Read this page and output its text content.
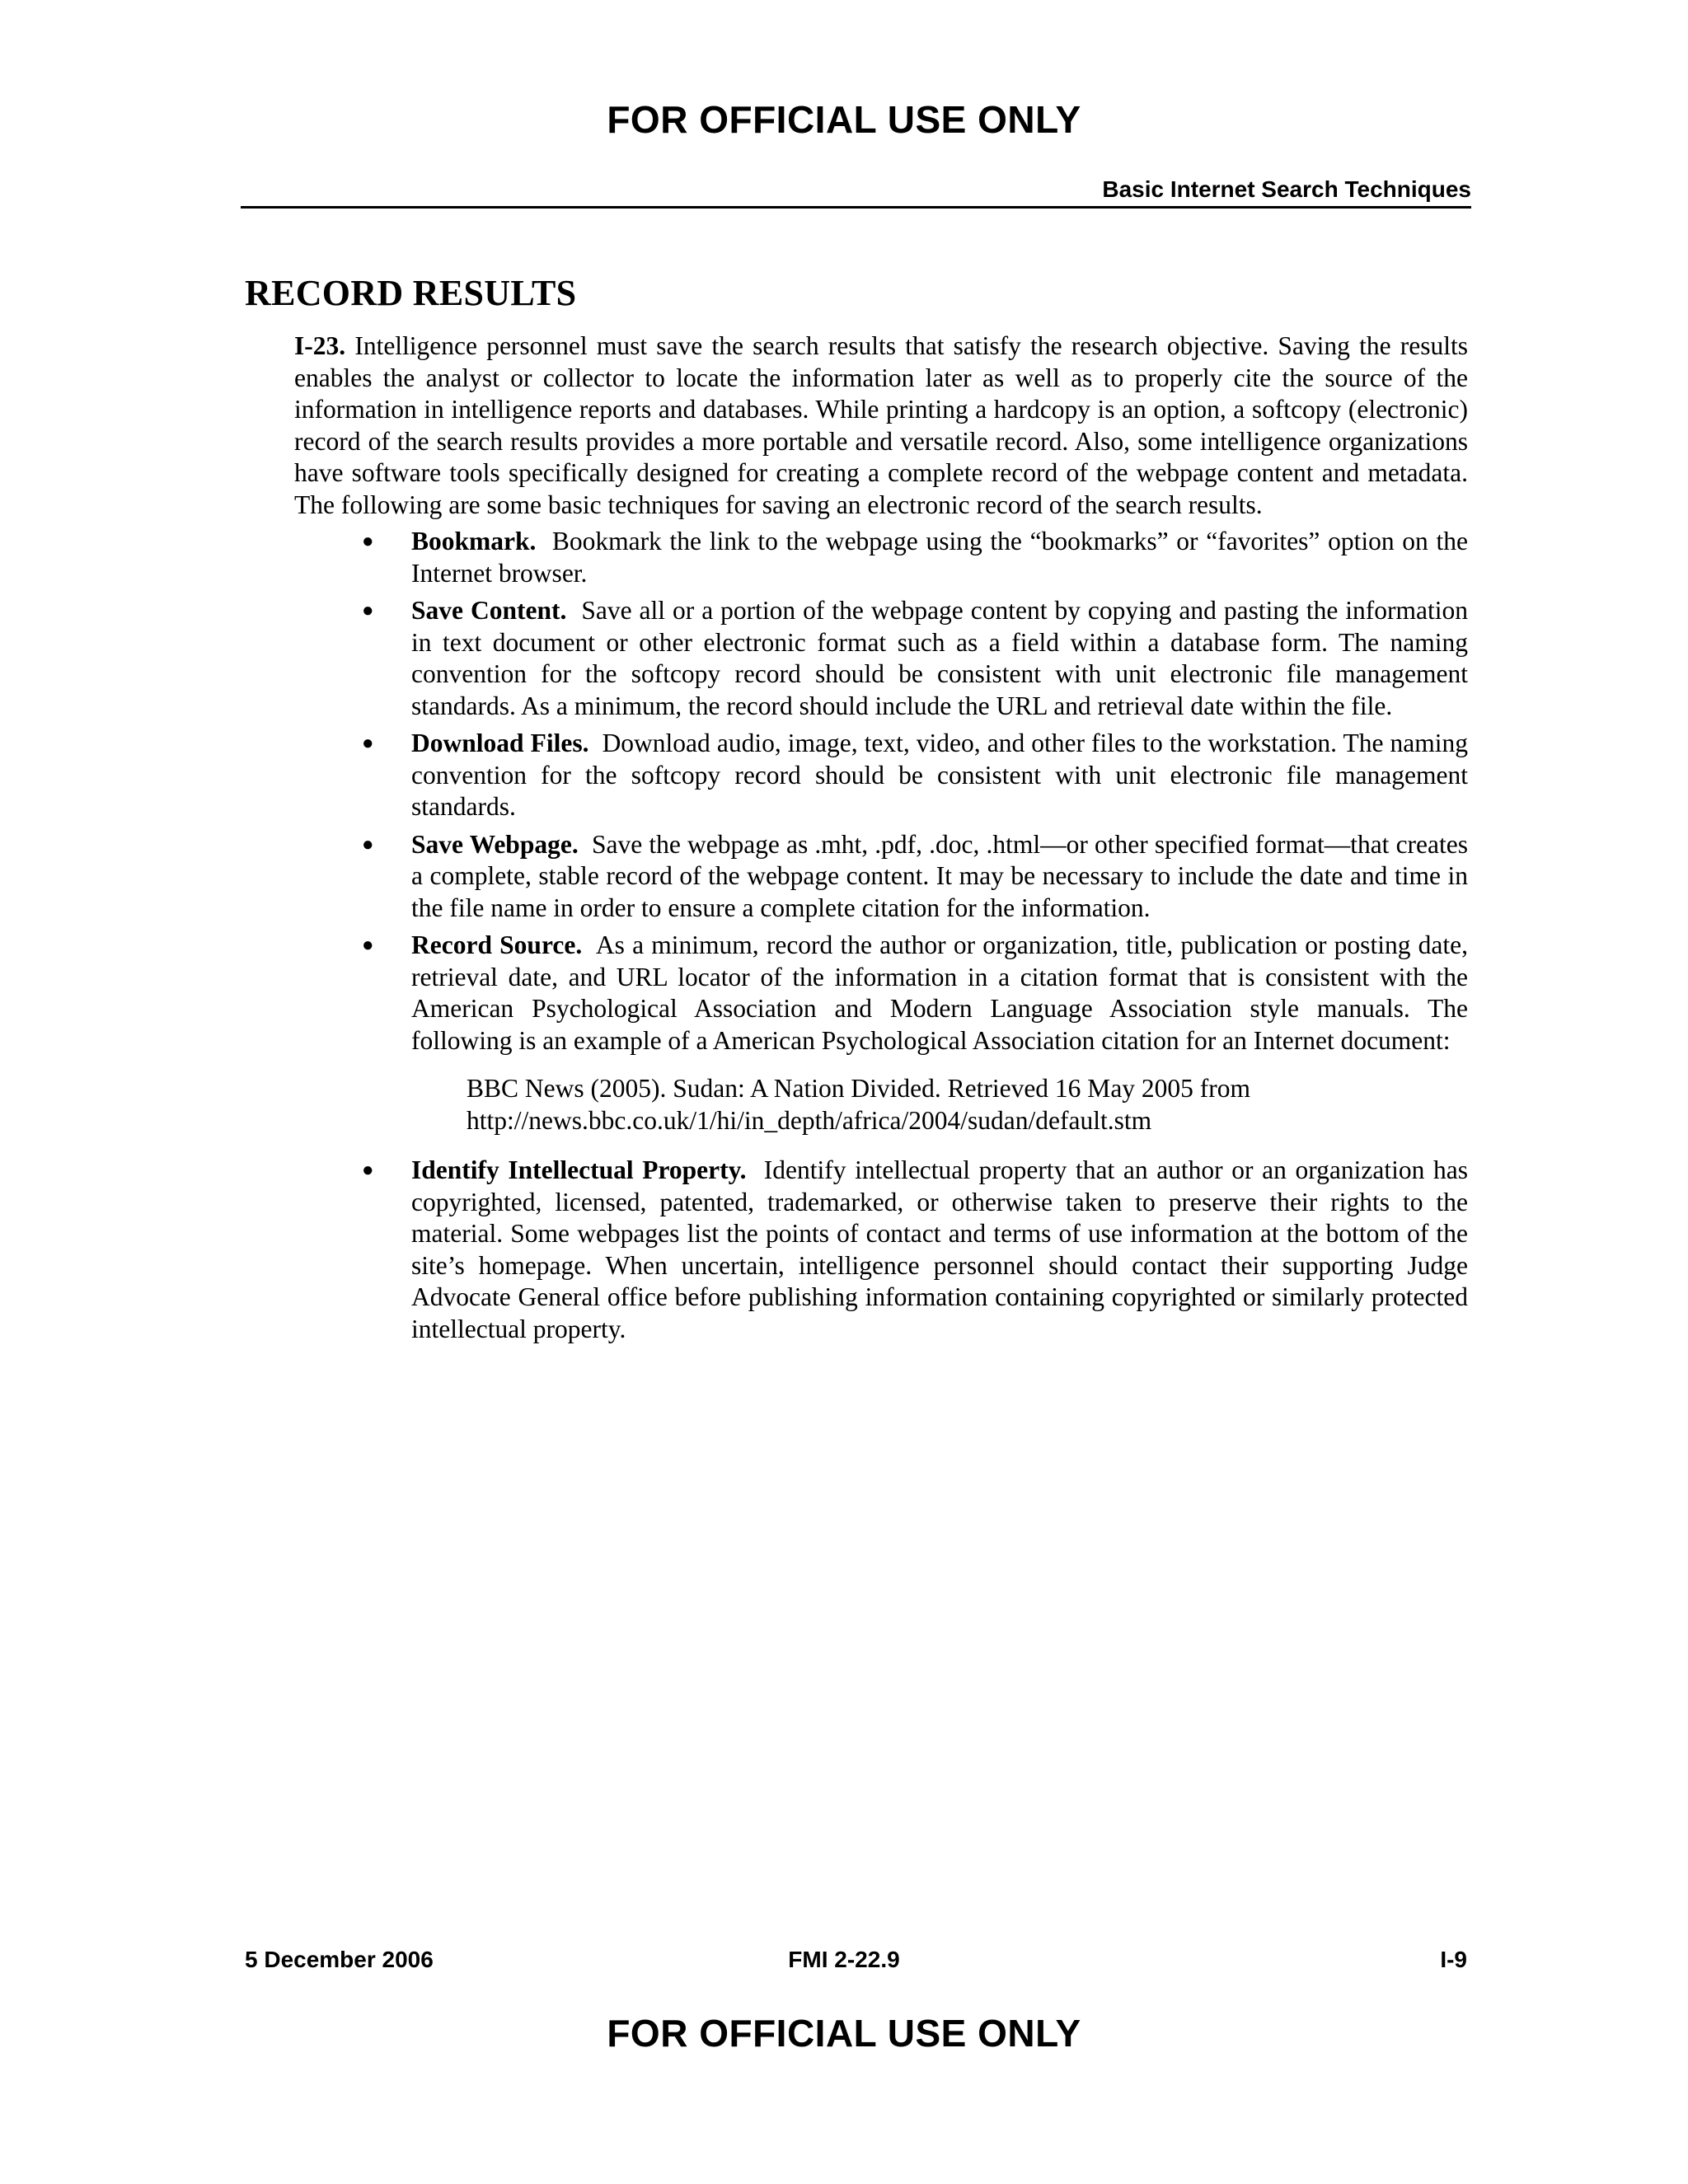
FOR OFFICIAL USE ONLY
Basic Internet Search Techniques
RECORD RESULTS

I-23. Intelligence personnel must save the search results that satisfy the research objective. Saving the results enables the analyst or collector to locate the information later as well as to properly cite the source of the information in intelligence reports and databases. While printing a hardcopy is an option, a softcopy (electronic) record of the search results provides a more portable and versatile record. Also, some intelligence organizations have software tools specifically designed for creating a complete record of the webpage content and metadata. The following are some basic techniques for saving an electronic record of the search results.

● Bookmark. Bookmark the link to the webpage using the “bookmarks” or “favorites” option on the Internet browser.
● Save Content. Save all or a portion of the webpage content by copying and pasting the information in text document or other electronic format such as a field within a database form. The naming convention for the softcopy record should be consistent with unit electronic file management standards. As a minimum, the record should include the URL and retrieval date within the file.
● Download Files. Download audio, image, text, video, and other files to the workstation. The naming convention for the softcopy record should be consistent with unit electronic file management standards.
● Save Webpage. Save the webpage as .mht, .pdf, .doc, .html—or other specified format—that creates a complete, stable record of the webpage content. It may be necessary to include the date and time in the file name in order to ensure a complete citation for the information.
● Record Source. As a minimum, record the author or organization, title, publication or posting date, retrieval date, and URL locator of the information in a citation format that is consistent with the American Psychological Association and Modern Language Association style manuals. The following is an example of a American Psychological Association citation for an Internet document:
BBC News (2005). Sudan: A Nation Divided. Retrieved 16 May 2005 from
http://news.bbc.co.uk/1/hi/in_depth/africa/2004/sudan/default.stm
● Identify Intellectual Property. Identify intellectual property that an author or an organization has copyrighted, licensed, patented, trademarked, or otherwise taken to preserve their rights to the material. Some webpages list the points of contact and terms of use information at the bottom of the site’s homepage. When uncertain, intelligence personnel should contact their supporting Judge Advocate General office before publishing information containing copyrighted or similarly protected intellectual property.
5 December 2006	FMI 2-22.9	I-9
FOR OFFICIAL USE ONLY
